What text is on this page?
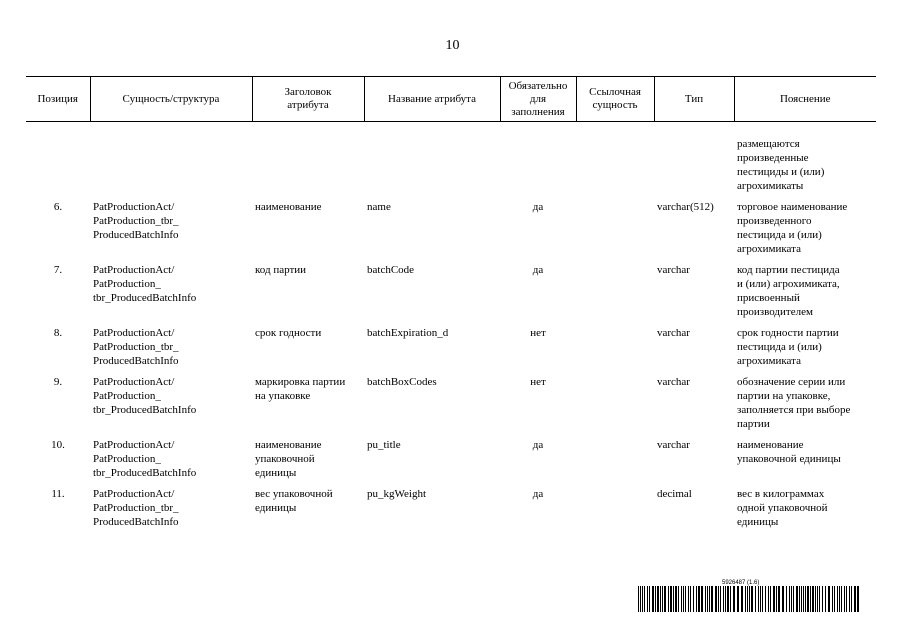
10
Позиция	Сущность/структура	Заголовок
атрибута	Название атрибута	Обязательно
для
заполнения	Ссылочная
сущность	Тип	Пояснение
							размещаются
произведенные
пестициды и (или)
агрохимикаты
6.	PatProductionAct/
PatProduction_tbr_
ProducedBatchInfo	наименование	name	да		varchar(512)	торговое наименование
произведенного
пестицида и (или)
агрохимиката
7.	PatProductionAct/
PatProduction_
tbr_ProducedBatchInfo	код партии	batchCode	да		varchar	код партии пестицида
и (или) агрохимиката,
присвоенный
производителем
8.	PatProductionAct/
PatProduction_tbr_
ProducedBatchInfo	срок годности	batchExpiration_d	нет		varchar	срок годности партии
пестицида и (или)
агрохимиката
9.	PatProductionAct/
PatProduction_
tbr_ProducedBatchInfo	маркировка партии
на упаковке	batchBoxCodes	нет		varchar	обозначение серии или
партии на упаковке,
заполняется при выборе
партии
10.	PatProductionAct/
PatProduction_
tbr_ProducedBatchInfo	наименование
упаковочной
единицы	pu_title	да		varchar	наименование
упаковочной единицы
11.	PatProductionAct/
PatProduction_tbr_
ProducedBatchInfo	вес упаковочной
единицы	pu_kgWeight	да		decimal	вес в килограммах
одной упаковочной
единицы
5926487 (1.6)
